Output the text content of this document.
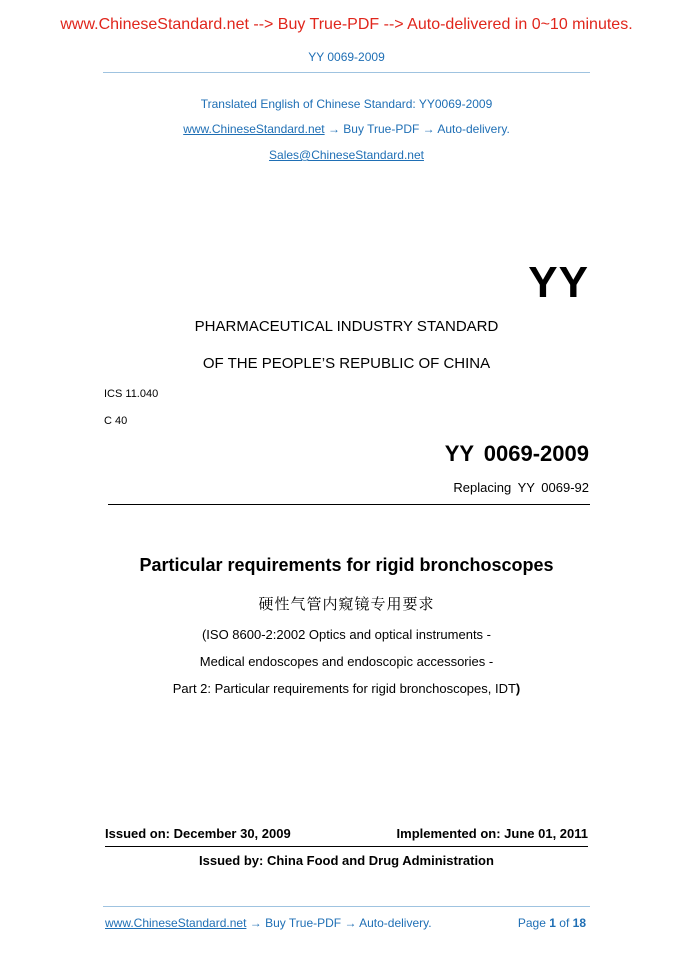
www.ChineseStandard.net --> Buy True-PDF --> Auto-delivered in 0~10 minutes.
YY 0069-2009
Translated English of Chinese Standard: YY0069-2009
www.ChineseStandard.net → Buy True-PDF → Auto-delivery.
Sales@ChineseStandard.net
YY
PHARMACEUTICAL INDUSTRY STANDARD
OF THE PEOPLE’S REPUBLIC OF CHINA
ICS 11.040
C 40
YY 0069-2009
Replacing YY 0069-92
Particular requirements for rigid bronchoscopes
硬性气管内窥镜专用要求
(ISO 8600-2:2002 Optics and optical instruments -
Medical endoscopes and endoscopic accessories -
Part 2: Particular requirements for rigid bronchoscopes, IDT)
Issued on: December 30, 2009	Implemented on: June 01, 2011
Issued by: China Food and Drug Administration
www.ChineseStandard.net → Buy True-PDF → Auto-delivery.	Page 1 of 18
